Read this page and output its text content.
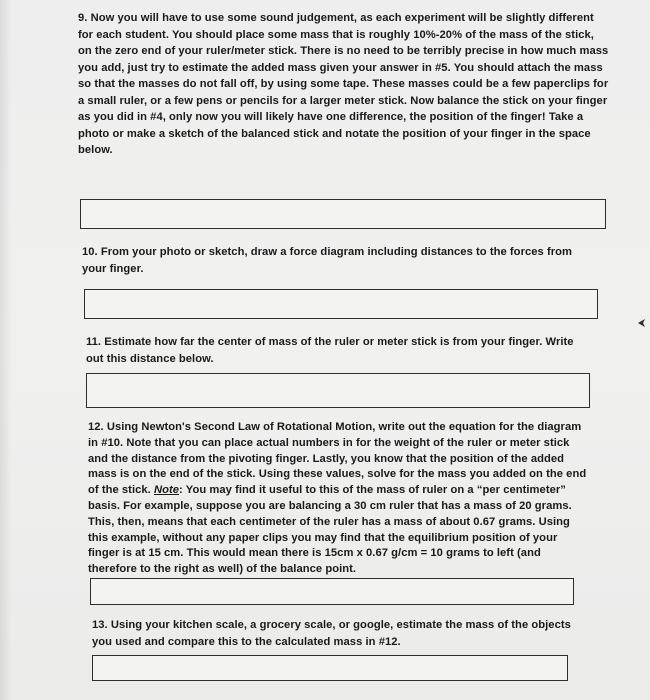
9. Now you will have to use some sound judgement, as each experiment will be slightly different for each student. You should place some mass that is roughly 10%-20% of the mass of the stick, on the zero end of your ruler/meter stick. There is no need to be terribly precise in how much mass you add, just try to estimate the added mass given your answer in #5. You should attach the mass so that the masses do not fall off, by using some tape. These masses could be a few paperclips for a small ruler, or a few pens or pencils for a larger meter stick. Now balance the stick on your finger as you did in #4, only now you will likely have one difference, the position of the finger! Take a photo or make a sketch of the balanced stick and notate the position of your finger in the space below.

10. From your photo or sketch, draw a force diagram including distances to the forces from your finger.

11. Estimate how far the center of mass of the ruler or meter stick is from your finger. Write out this distance below.

12. Using Newton's Second Law of Rotational Motion, write out the equation for the diagram in #10. Note that you can place actual numbers in for the weight of the ruler or meter stick and the distance from the pivoting finger. Lastly, you know that the position of the added mass is on the end of the stick. Using these values, solve for the mass you added on the end of the stick. Note: You may find it useful to this of the mass of ruler on a “per centimeter” basis. For example, suppose you are balancing a 30 cm ruler that has a mass of 20 grams. This, then, means that each centimeter of the ruler has a mass of about 0.67 grams. Using this example, without any paper clips you may find that the equilibrium position of your finger is at 15 cm. This would mean there is 15cm x 0.67 g/cm = 10 grams to left (and therefore to the right as well) of the balance point.

13. Using your kitchen scale, a grocery scale, or google, estimate the mass of the objects you used and compare this to the calculated mass in #12.
